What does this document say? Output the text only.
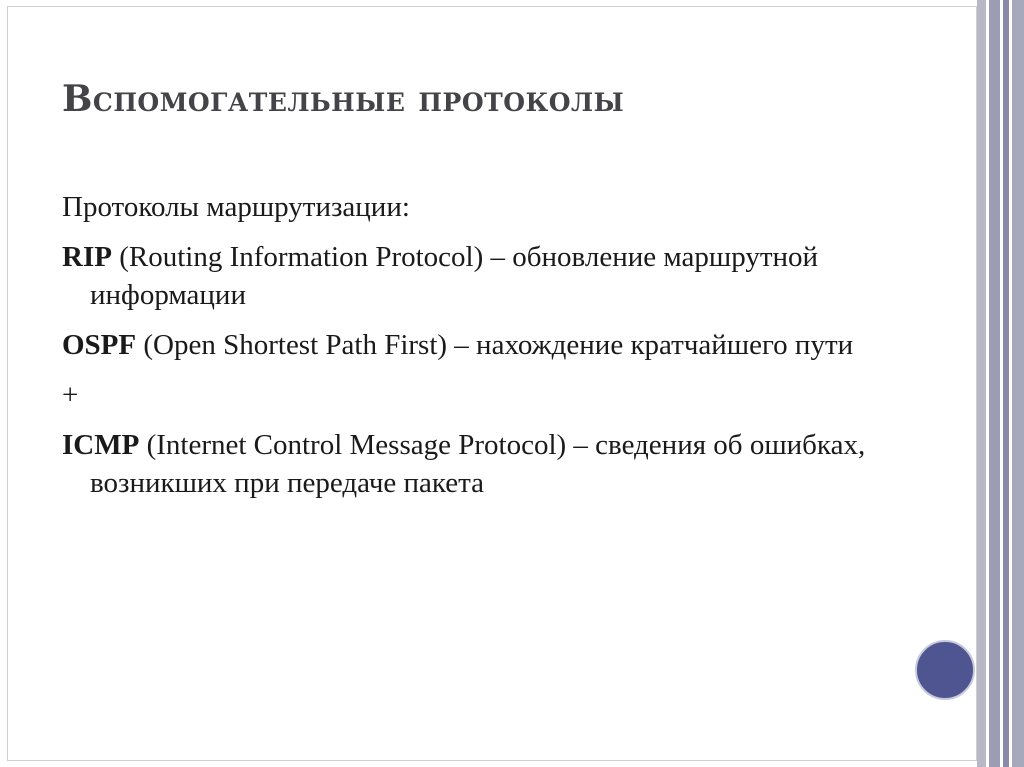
Вспомогательные протоколы

Протоколы маршрутизации:

RIP (Routing Information Protocol) – обновление маршрутной информации

OSPF (Open Shortest Path First) – нахождение кратчайшего пути

+

ICMP (Internet Control Message Protocol) – сведения об ошибках, возникших при передаче пакета
